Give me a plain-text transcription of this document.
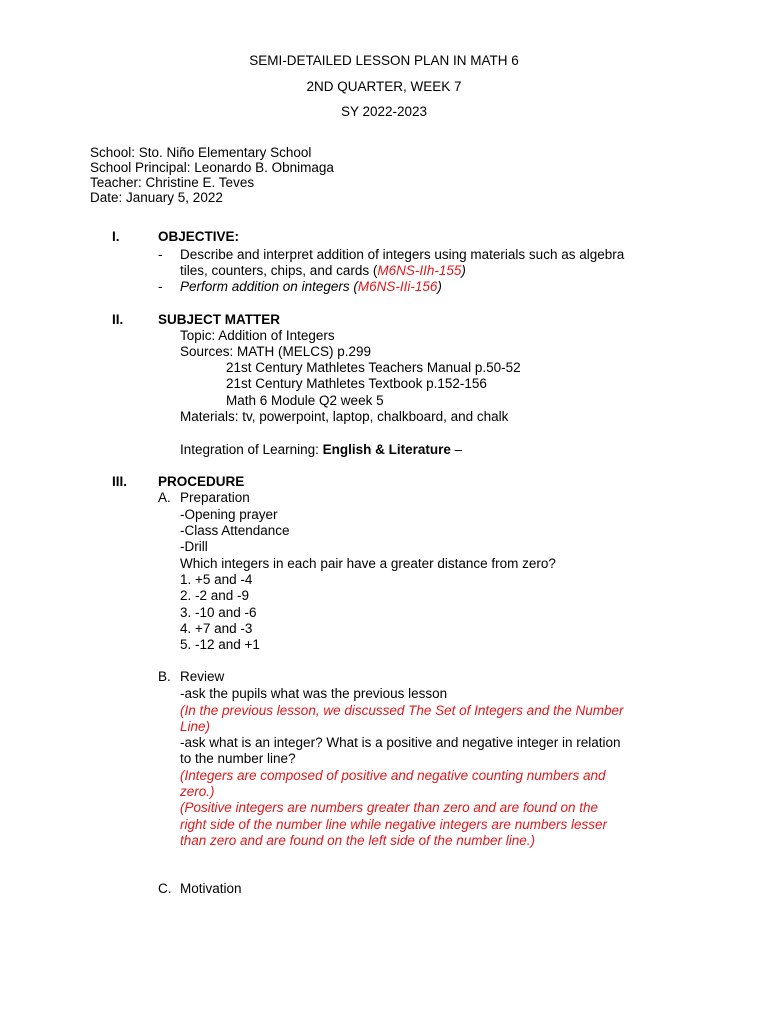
SEMI-DETAILED LESSON PLAN IN MATH 6
2ND QUARTER, WEEK 7
SY 2022-2023
School: Sto. Niño Elementary School
School Principal: Leonardo B. Obnimaga
Teacher: Christine E. Teves
Date: January 5, 2022
I.	OBJECTIVE:
- Describe and interpret addition of integers using materials such as algebra
tiles, counters, chips, and cards (M6NS-IIh-155)
- Perform addition on integers (M6NS-IIi-156)
II.	SUBJECT MATTER
Topic: Addition of Integers
Sources: MATH (MELCS) p.299
21st Century Mathletes Teachers Manual p.50-52
21st Century Mathletes Textbook p.152-156
Math 6 Module Q2 week 5
Materials: tv, powerpoint, laptop, chalkboard, and chalk
Integration of Learning: English & Literature –
III. PROCEDURE
A. Preparation
-Opening prayer
-Class Attendance
-Drill
Which integers in each pair have a greater distance from zero?
1. +5 and -4
2. -2 and -9
3. -10 and -6
4. +7 and -3
5. -12 and +1
B. Review
-ask the pupils what was the previous lesson
(In the previous lesson, we discussed The Set of Integers and the Number
Line)
-ask what is an integer? What is a positive and negative integer in relation
to the number line?
(Integers are composed of positive and negative counting numbers and
zero.)
(Positive integers are numbers greater than zero and are found on the
right side of the number line while negative integers are numbers lesser
than zero and are found on the left side of the number line.)
C. Motivation
